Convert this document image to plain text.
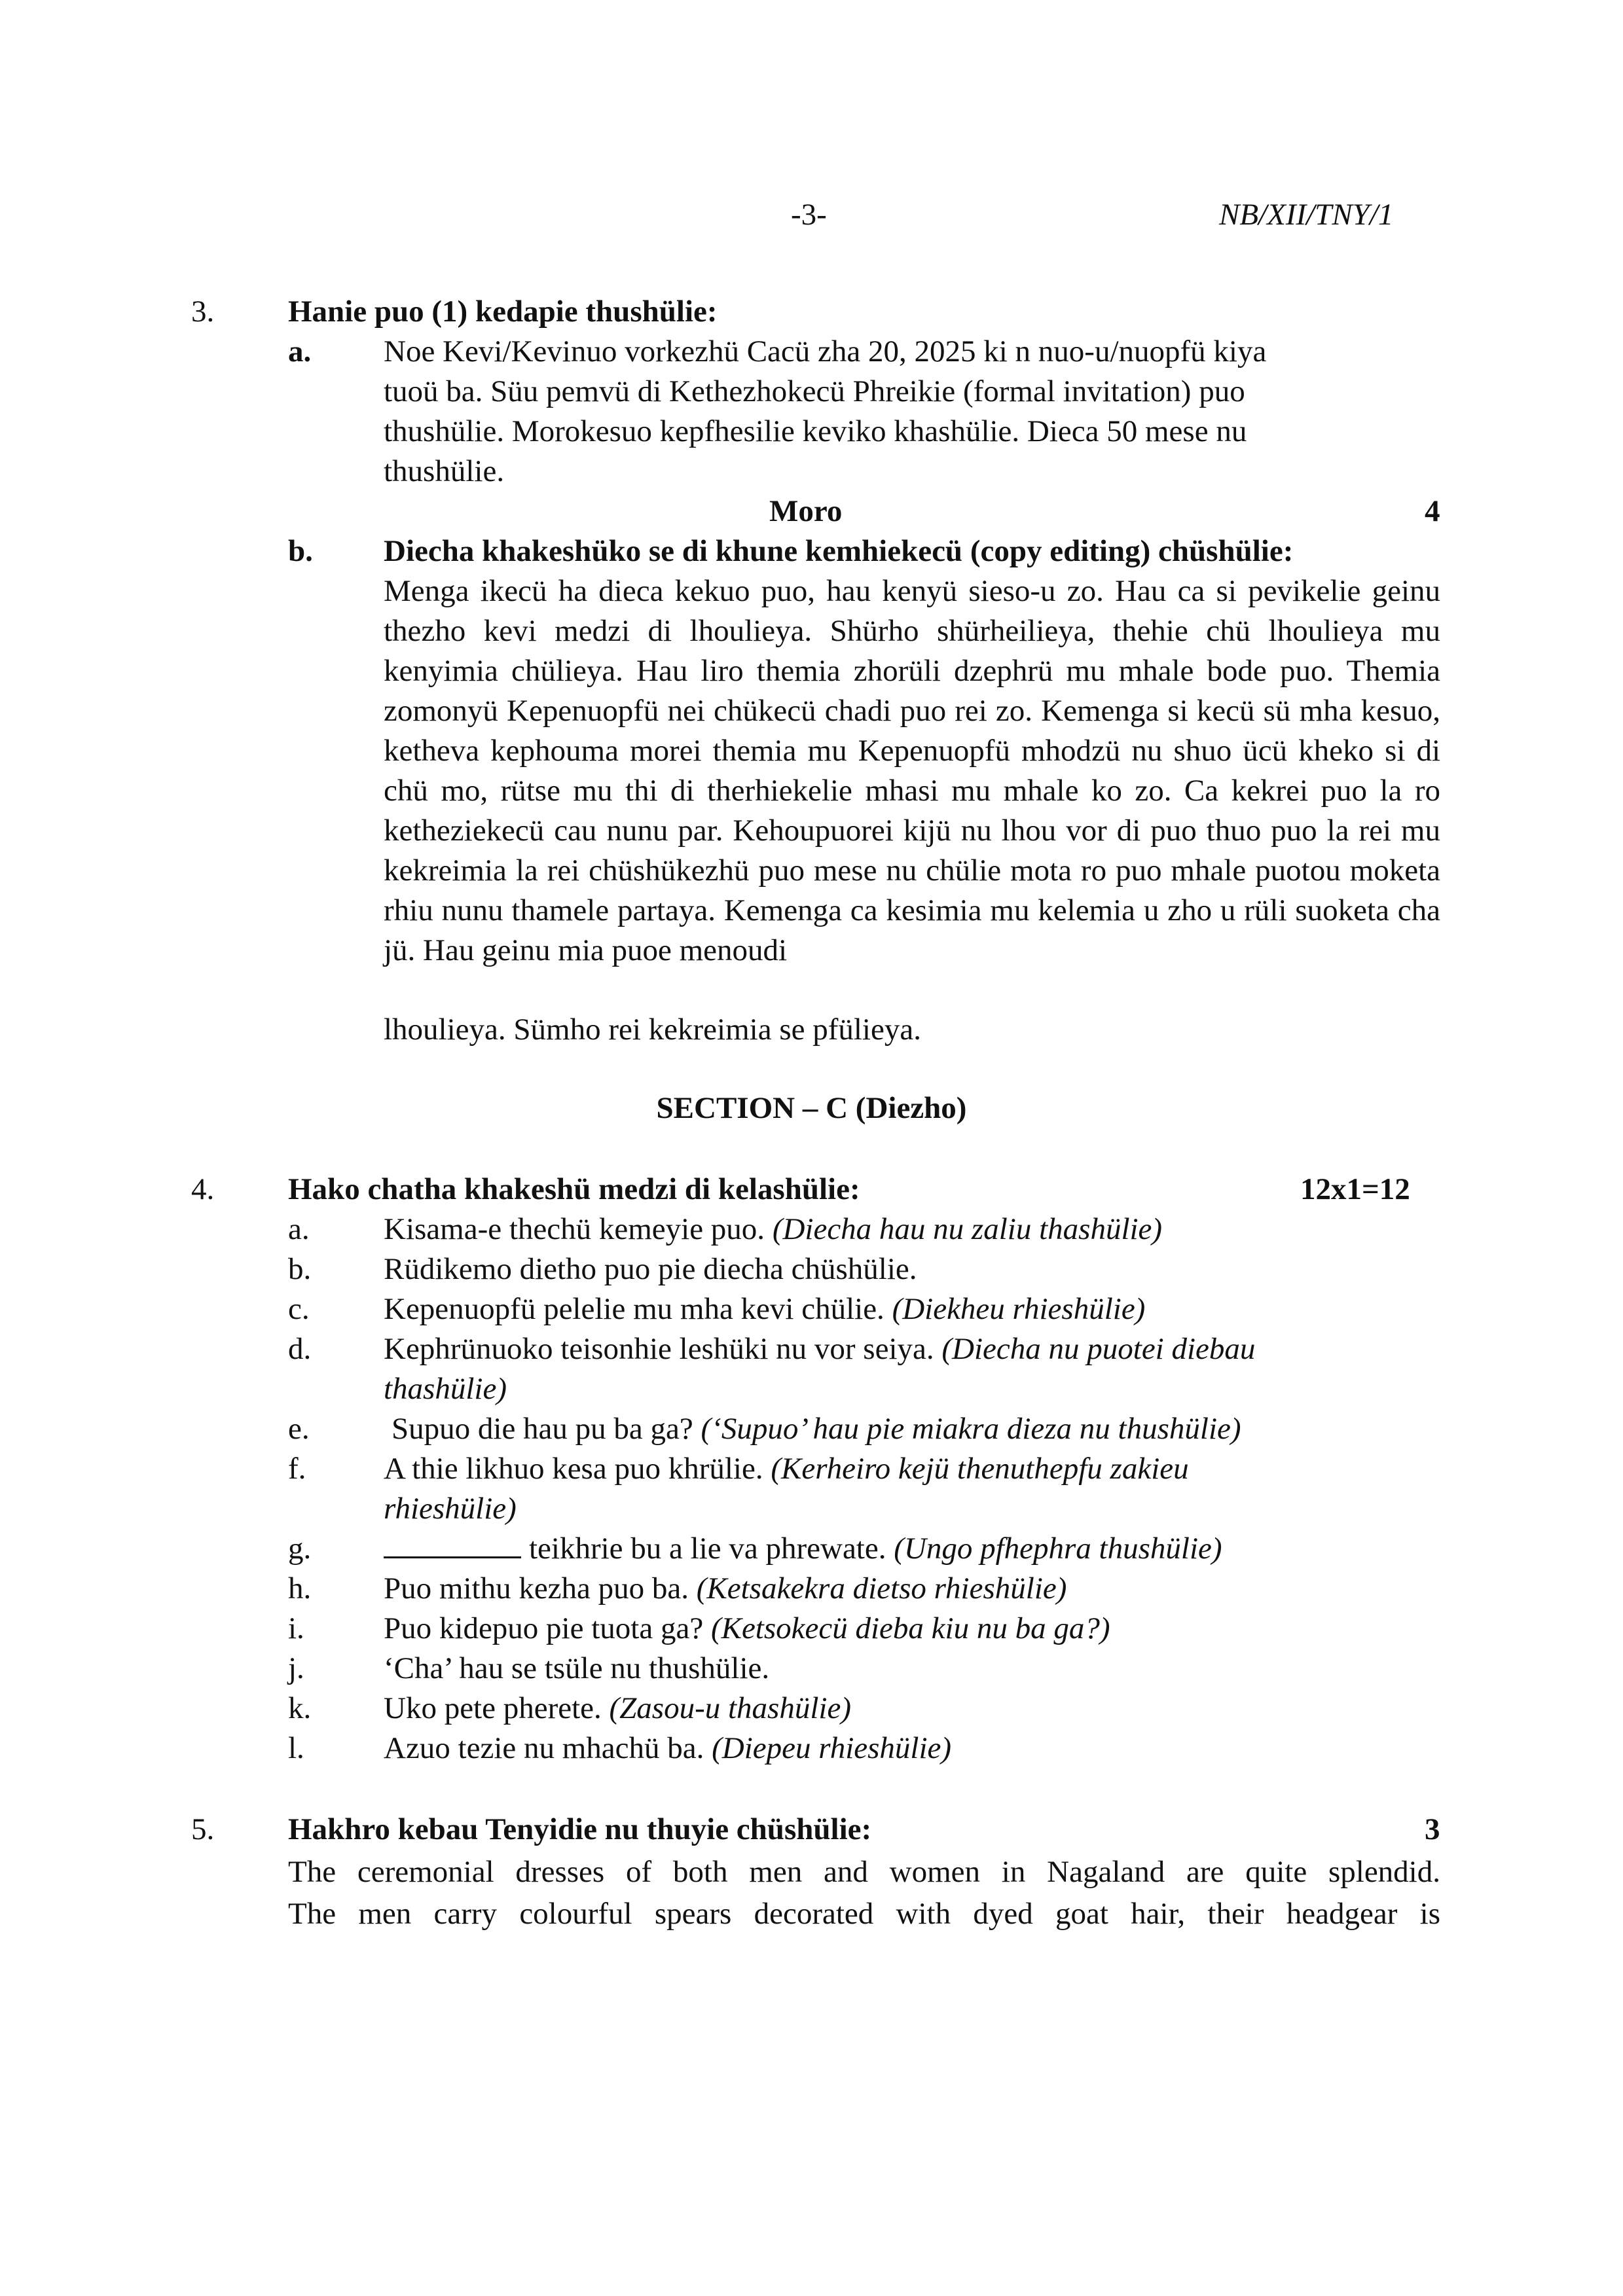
-3-	NB/XII/TNY/1
3. Hanie puo (1) kedapie thushülie:
a. Noe Kevi/Kevinuo vorkezhü Cacü zha 20, 2025 ki n nuo-u/nuopfü kiya
tuoü ba. Süu pemvü di Kethezhokecü Phreikie (formal invitation) puo
thushülie. Morokesuo kepfhesilie keviko khashülie. Dieca 50 mese nu
thushülie.
Moro	4
b. Diecha khakeshüko se di khune kemhiekecü (copy editing) chüshülie:
Menga ikecü ha dieca kekuo puo, hau kenyü sieso-u zo. Hau ca si pevikelie geinu thezho kevi medzi di lhoulieya. Shürho shürheilieya, thehie chü lhoulieya mu kenyimia chülieya. Hau liro themia zhorüli dzephrü mu mhale bode puo. Themia zomonyü Kepenuopfü nei chükecü chadi puo rei zo. Kemenga si kecü sü mha kesuo, ketheva kephouma morei themia mu Kepenuopfü mhodzü nu shuo ücü kheko si di chü mo, rütse mu thi di therhiekelie mhasi mu mhale ko zo. Ca kekrei puo la ro ketheziekecü cau nunu par. Kehoupuorei kijü nu lhou vor di puo thuo puo la rei mu kekreimia la rei chüshükezhü puo mese nu chülie mota ro puo mhale puotou moketa rhiu nunu thamele partaya. Kemenga ca kesimia mu kelemia u zho u rüli suoketa cha jü. Hau geinu mia puoe menoudi
lhoulieya. Sümho rei kekreimia se pfülieya.
SECTION – C (Diezho)
4. Hako chatha khakeshü medzi di kelashülie:	12x1=12
a. Kisama-e thechü kemeyie puo. (Diecha hau nu zaliu thashülie)
b. Rüdikemo dietho puo pie diecha chüshülie.
c. Kepenuopfü pelelie mu mha kevi chülie. (Diekheu rhieshülie)
d. Kephrünuoko teisonhie leshüki nu vor seiya. (Diecha nu puotei diebau
thashülie)
e.	Supuo die hau pu ba ga? (‘Supuo’ hau pie miakra dieza nu thushülie)
f.	A thie likhuo kesa puo khrülie. (Kerheiro kejü thenuthepfu zakieu
rhieshülie)
g.	teikhrie bu a lie va phrewate. (Ungo pfhephra thushülie)
h. Puo mithu kezha puo ba. (Ketsakekra dietso rhieshülie)
i.	Puo kidepuo pie tuota ga? (Ketsokecü dieba kiu nu ba ga?)
j.	‘Cha’ hau se tsüle nu thushülie.
k. Uko pete pherete. (Zasou-u thashülie)
l.	Azuo tezie nu mhachü ba. (Diepeu rhieshülie)
5. Hakhro kebau Tenyidie nu thuyie chüshülie:	3
The ceremonial dresses of both men and women in Nagaland are quite splendid.
The men carry colourful spears decorated with dyed goat hair, their headgear is
